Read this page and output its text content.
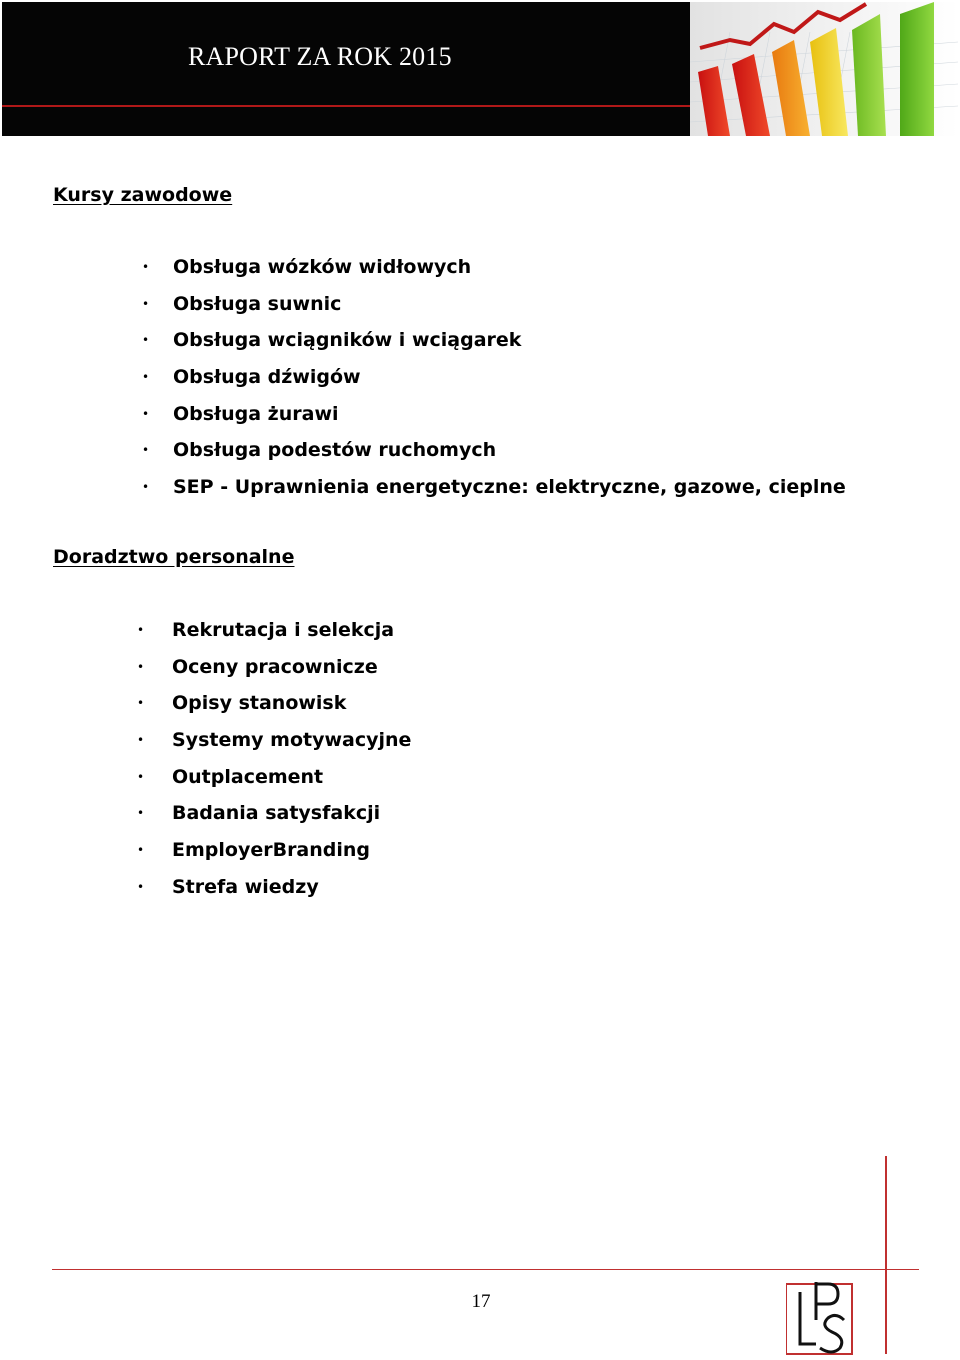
RAPORT ZA ROK 2015
Kursy zawodowe
• Obsługa wózków widłowych
• Obsługa suwnic
• Obsługa wciągników i wciągarek
• Obsługa dźwigów
• Obsługa żurawi
• Obsługa podestów ruchomych
• SEP - Uprawnienia energetyczne: elektryczne, gazowe, cieplne
Doradztwo personalne
• Rekrutacja i selekcja
• Oceny pracownicze
• Opisy stanowisk
• Systemy motywacyjne
• Outplacement
• Badania satysfakcji
• EmployerBranding
• Strefa wiedzy
17
